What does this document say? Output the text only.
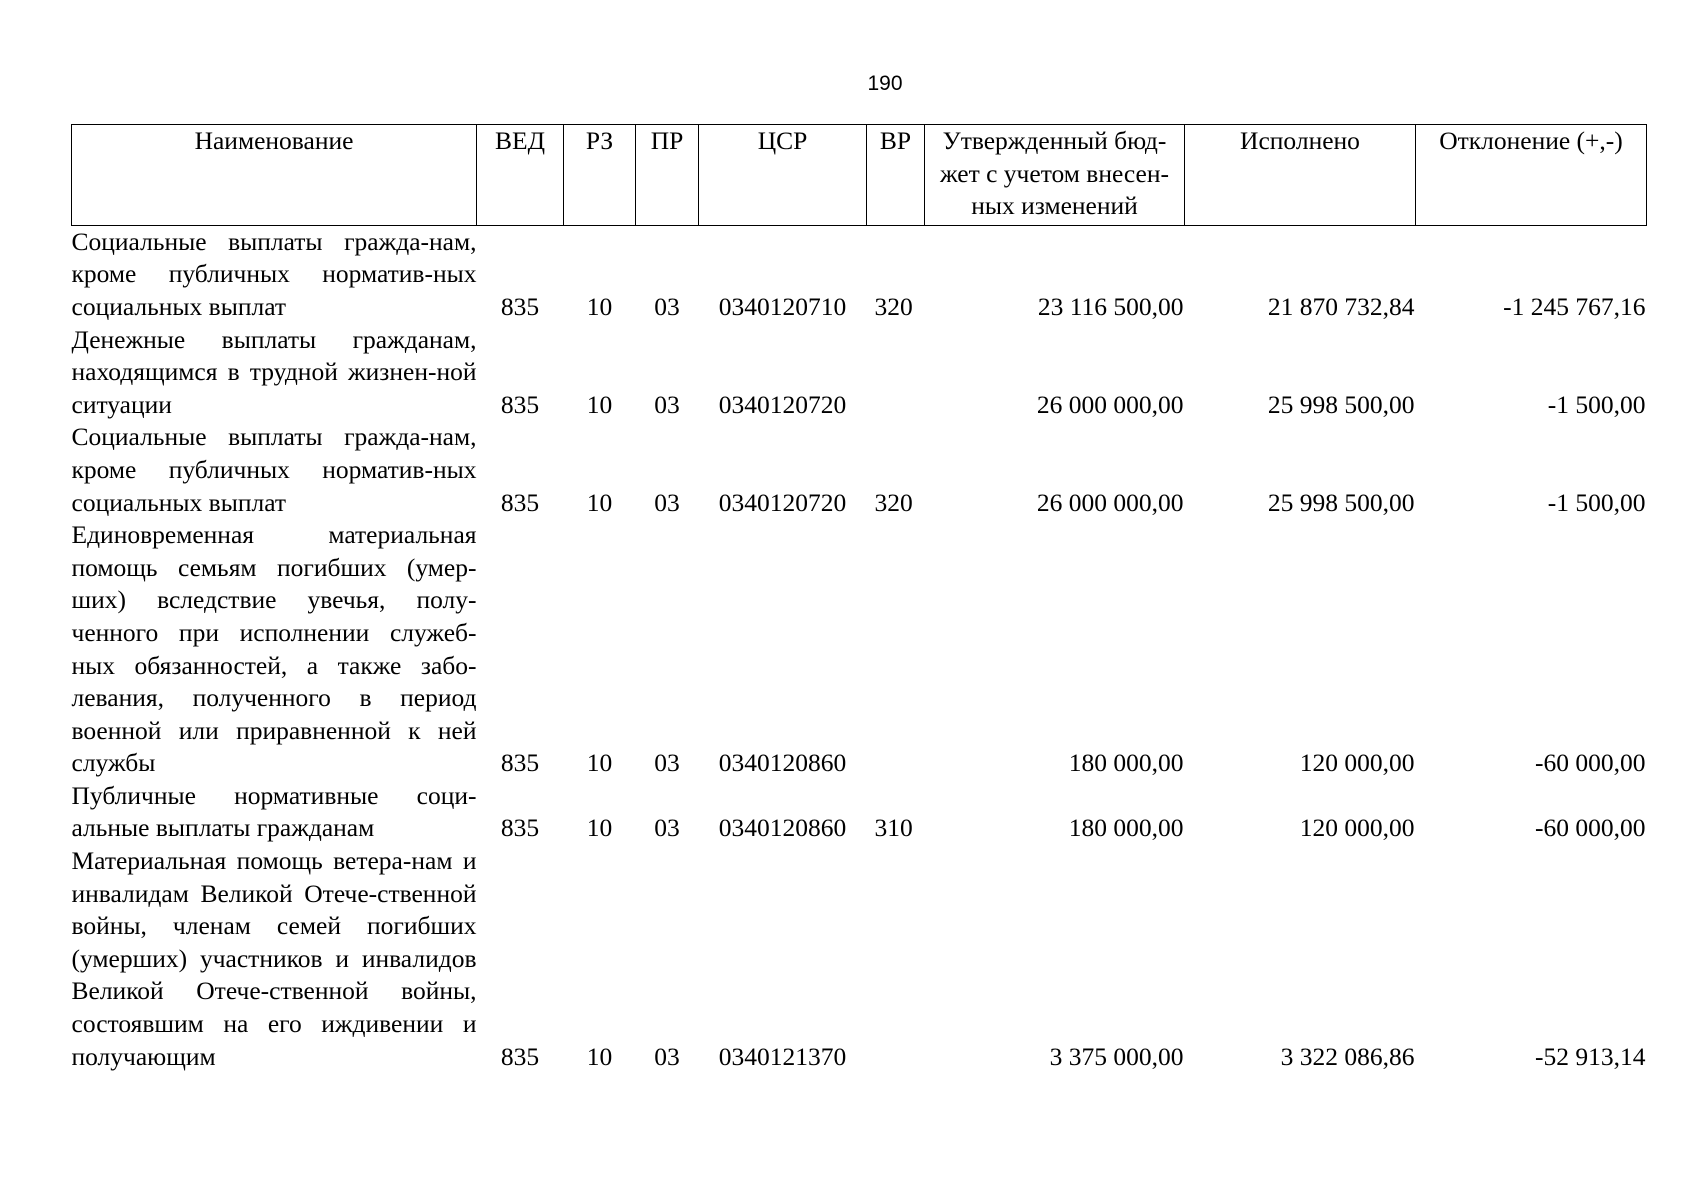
190
Наименование	ВЕД	РЗ	ПР	ЦСР	ВР	Утвержденный бюд-жет с учетом внесен-ных изменений	Исполнено	Отклонение (+,-)
Социальные выплаты гражда-нам, кроме публичных норматив-ных социальных выплат	835	10	03	0340120710	320	23 116 500,00	21 870 732,84	-1 245 767,16
Денежные выплаты гражданам, находящимся в трудной жизнен-ной ситуации	835	10	03	0340120720		26 000 000,00	25 998 500,00	-1 500,00
Социальные выплаты гражда-нам, кроме публичных норматив-ных социальных выплат	835	10	03	0340120720	320	26 000 000,00	25 998 500,00	-1 500,00
Единовременная материальная помощь семьям погибших (умер-ших) вследствие увечья, полу-ченного при исполнении служеб-ных обязанностей, а также забо-левания, полученного в период военной или приравненной к ней службы	835	10	03	0340120860		180 000,00	120 000,00	-60 000,00
Публичные нормативные соци-альные выплаты гражданам	835	10	03	0340120860	310	180 000,00	120 000,00	-60 000,00
Материальная помощь ветера-нам и инвалидам Великой Отече-ственной войны, членам семей погибших (умерших) участников и инвалидов Великой Отече-ственной войны, состоявшим на его иждивении и получающим	835	10	03	0340121370		3 375 000,00	3 322 086,86	-52 913,14
